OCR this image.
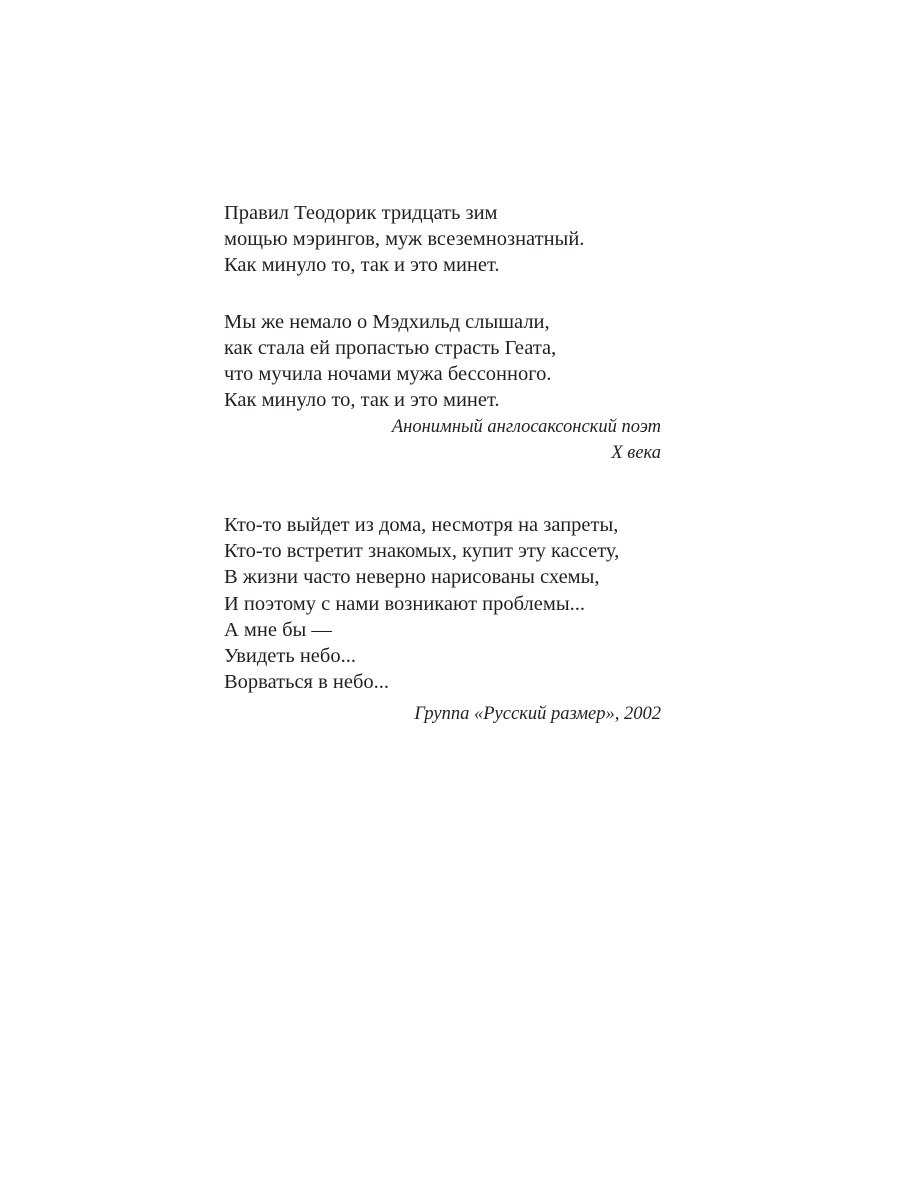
Правил Теодорик тридцать зим
мощью мэрингов, муж всеземнознатный.
Как минуло то, так и это минет.
Мы же немало о Мэдхильд слышали,
как стала ей пропастью страсть Геата,
что мучила ночами мужа бессонного.
Как минуло то, так и это минет.
Анонимный англосаксонский поэт
X века
Кто-то выйдет из дома, несмотря на запреты,
Кто-то встретит знакомых, купит эту кассету,
В жизни часто неверно нарисованы схемы,
И поэтому с нами возникают проблемы...
А мне бы —
Увидеть небо...
Ворваться в небо...
Группа «Русский размер», 2002
